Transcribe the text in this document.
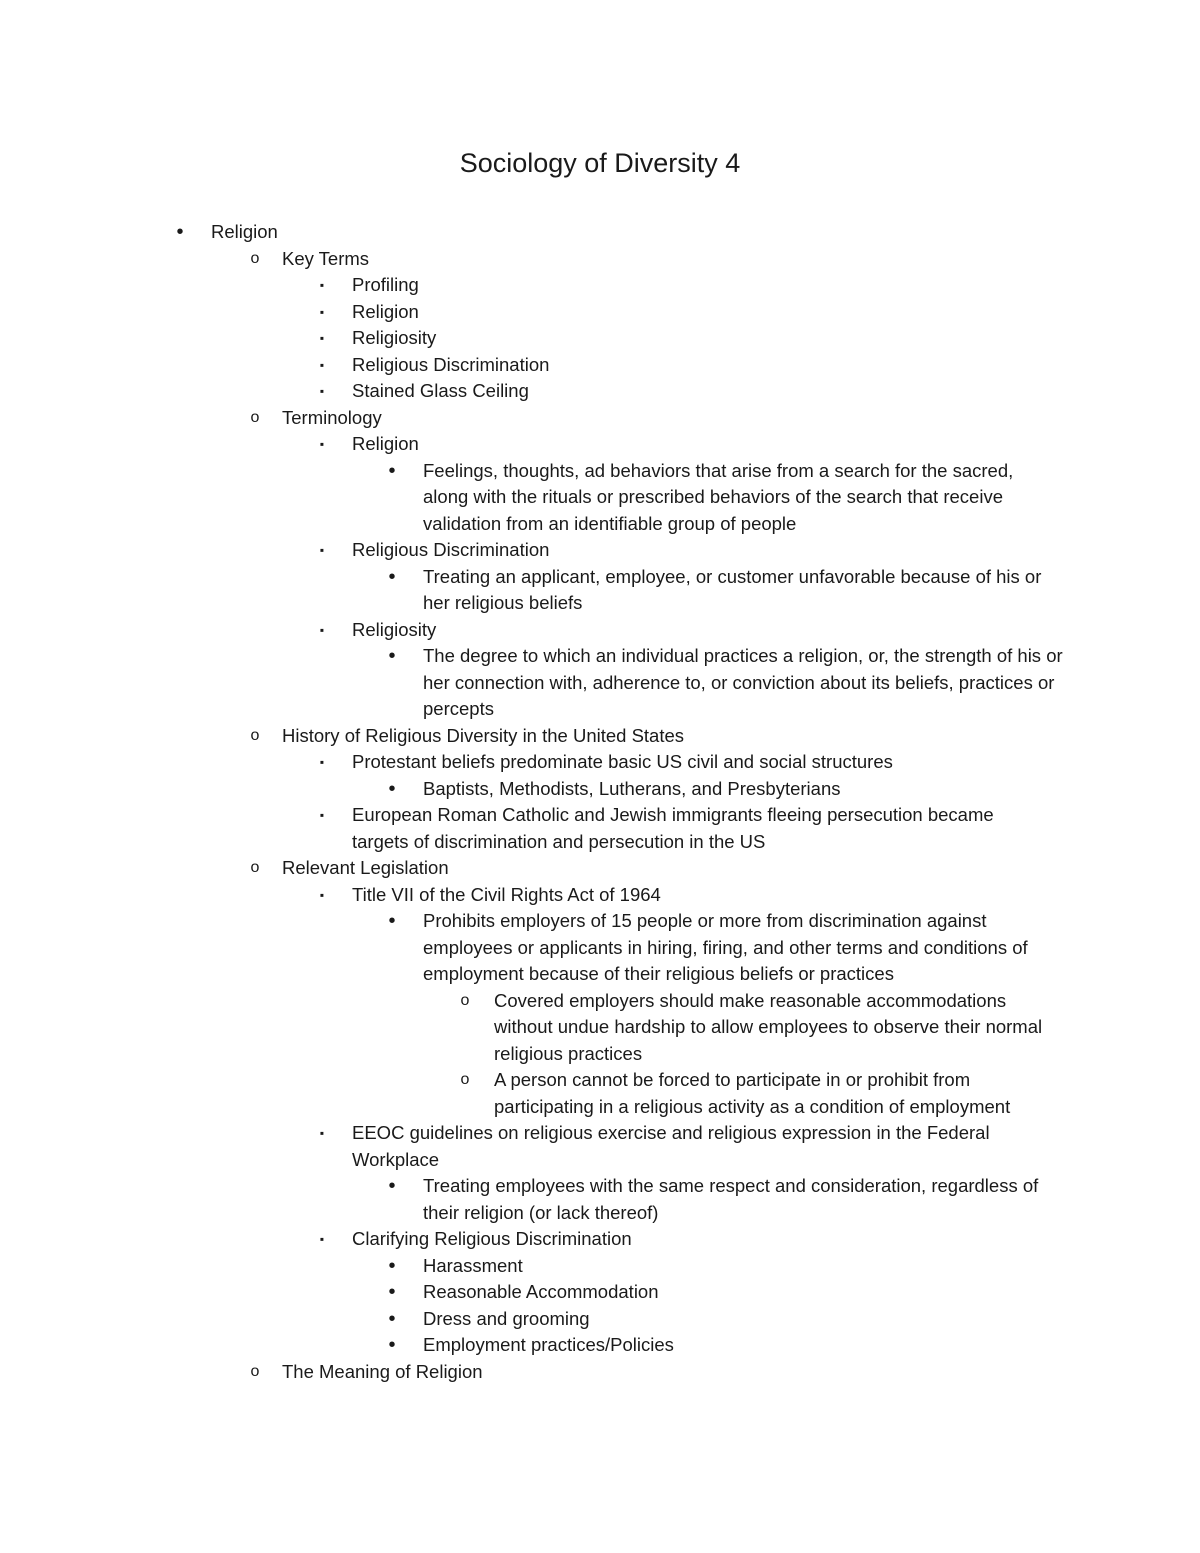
Sociology of Diversity 4
•	Religion
o Key Terms
▪	Profiling
▪	Religion
▪	Religiosity
▪	Religious Discrimination
▪	Stained Glass Ceiling
o Terminology
▪	Religion
•	Feelings, thoughts, ad behaviors that arise from a search for the sacred, along with the rituals or prescribed behaviors of the search that receive validation from an identifiable group of people
▪	Religious Discrimination
•	Treating an applicant, employee, or customer unfavorable because of his or her religious beliefs
▪	Religiosity
•	The degree to which an individual practices a religion, or, the strength of his or her connection with, adherence to, or conviction about its beliefs, practices or percepts
o History of Religious Diversity in the United States
▪	Protestant beliefs predominate basic US civil and social structures
•	Baptists, Methodists, Lutherans, and Presbyterians
▪	European Roman Catholic and Jewish immigrants fleeing persecution became targets of discrimination and persecution in the US
o Relevant Legislation
▪	Title VII of the Civil Rights Act of 1964
•	Prohibits employers of 15 people or more from discrimination against employees or applicants in hiring, firing, and other terms and conditions of employment because of their religious beliefs or practices
o Covered employers should make reasonable accommodations without undue hardship to allow employees to observe their normal religious practices
o A person cannot be forced to participate in or prohibit from participating in a religious activity as a condition of employment
▪	EEOC guidelines on religious exercise and religious expression in the Federal Workplace
•	Treating employees with the same respect and consideration, regardless of their religion (or lack thereof)
▪	Clarifying Religious Discrimination
•	Harassment
•	Reasonable Accommodation
•	Dress and grooming
•	Employment practices/Policies
o The Meaning of Religion
